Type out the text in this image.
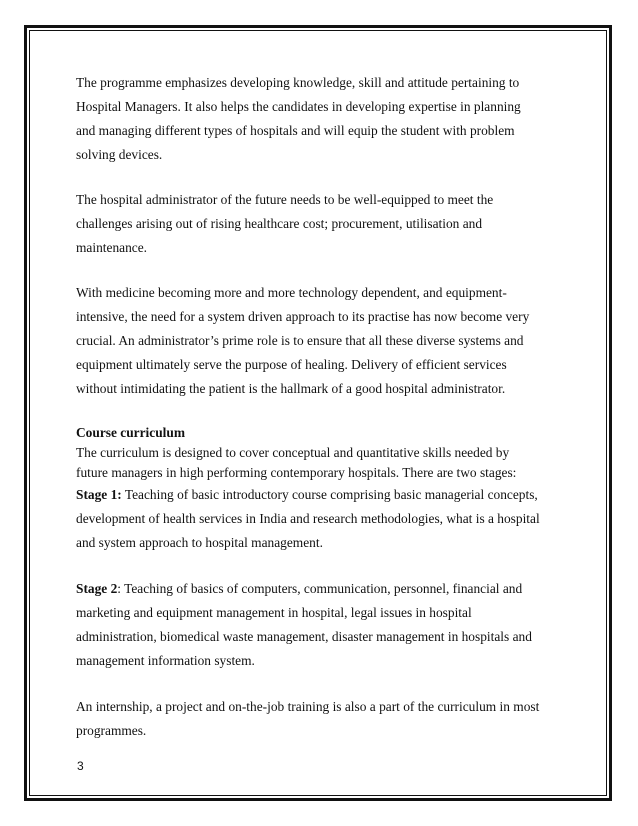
The programme emphasizes developing knowledge, skill and attitude pertaining to
Hospital Managers. It also helps the candidates in developing expertise in planning
and managing different types of hospitals and will equip the student with problem
solving devices.

The hospital administrator of the future needs to be well-equipped to meet the
challenges arising out of rising healthcare cost; procurement, utilisation and
maintenance.

With medicine becoming more and more technology dependent, and equipment-
intensive, the need for a system driven approach to its practise has now become very
crucial. An administrator’s prime role is to ensure that all these diverse systems and
equipment ultimately serve the purpose of healing. Delivery of efficient services
without intimidating the patient is the hallmark of a good hospital administrator.

Course curriculum
The curriculum is designed to cover conceptual and quantitative skills needed by
future managers in high performing contemporary hospitals. There are two stages:

Stage 1: Teaching of basic introductory course comprising basic managerial concepts,
development of health services in India and research methodologies, what is a hospital
and system approach to hospital management.

Stage 2: Teaching of basics of computers, communication, personnel, financial and
marketing and equipment management in hospital, legal issues in hospital
administration, biomedical waste management, disaster management in hospitals and
management information system.

An internship, a project and on-the-job training is also a part of the curriculum in most
programmes.

3
